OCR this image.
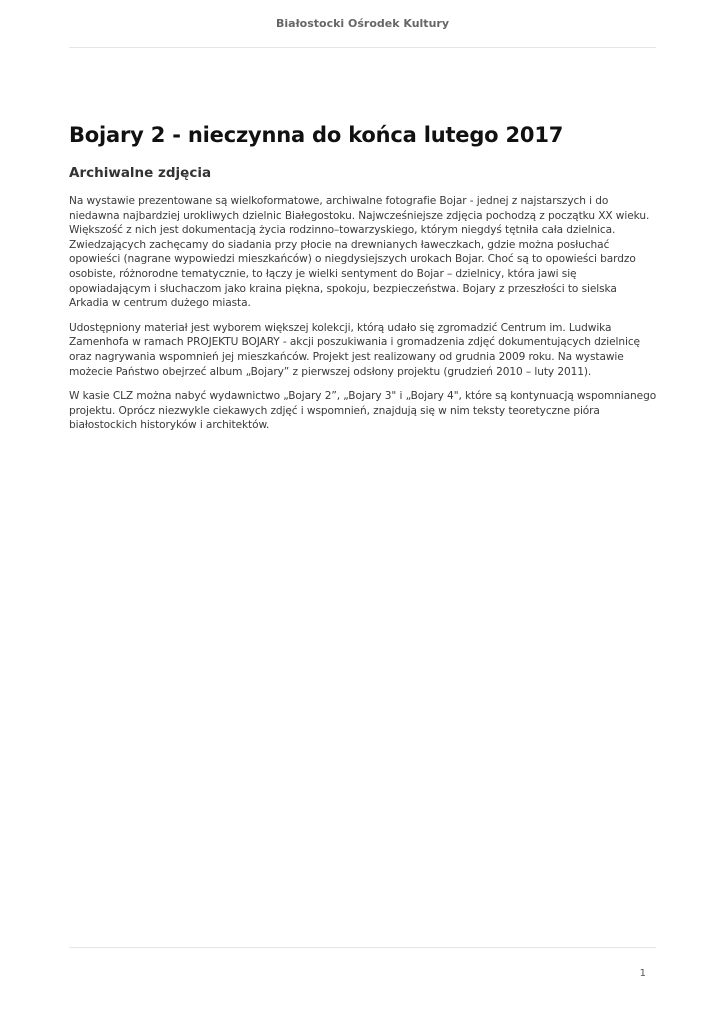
Białostocki Ośrodek Kultury
Bojary 2 - nieczynna do końca lutego 2017
Archiwalne zdjęcia

Na wystawie prezentowane są wielkoformatowe, archiwalne fotografie Bojar - jednej z najstarszych i do niedawna najbardziej urokliwych dzielnic Białegostoku. Najwcześniejsze zdjęcia pochodzą z początku XX wieku. Większość z nich jest dokumentacją życia rodzinno–towarzyskiego, którym niegdyś tętniła cała dzielnica. Zwiedzających zachęcamy do siadania przy płocie na drewnianych ławeczkach, gdzie można posłuchać opowieści (nagrane wypowiedzi mieszkańców) o niegdysiejszych urokach Bojar. Choć są to opowieści bardzo osobiste, różnorodne tematycznie, to łączy je wielki sentyment do Bojar – dzielnicy, która jawi się opowiadającym i słuchaczom jako kraina piękna, spokoju, bezpieczeństwa. Bojary z przeszłości to sielska Arkadia w centrum dużego miasta.

Udostępniony materiał jest wyborem większej kolekcji, którą udało się zgromadzić Centrum im. Ludwika Zamenhofa w ramach PROJEKTU BOJARY - akcji poszukiwania i gromadzenia zdjęć dokumentujących dzielnicę oraz nagrywania wspomnień jej mieszkańców. Projekt jest realizowany od grudnia 2009 roku. Na wystawie możecie Państwo obejrzeć album „Bojary” z pierwszej odsłony projektu (grudzień 2010 – luty 2011).

W kasie CLZ można nabyć wydawnictwo „Bojary 2”, „Bojary 3" i „Bojary 4", które są kontynuacją wspomnianego projektu. Oprócz niezwykle ciekawych zdjęć i wspomnień, znajdują się w nim teksty teoretyczne pióra białostockich historyków i architektów.

1
